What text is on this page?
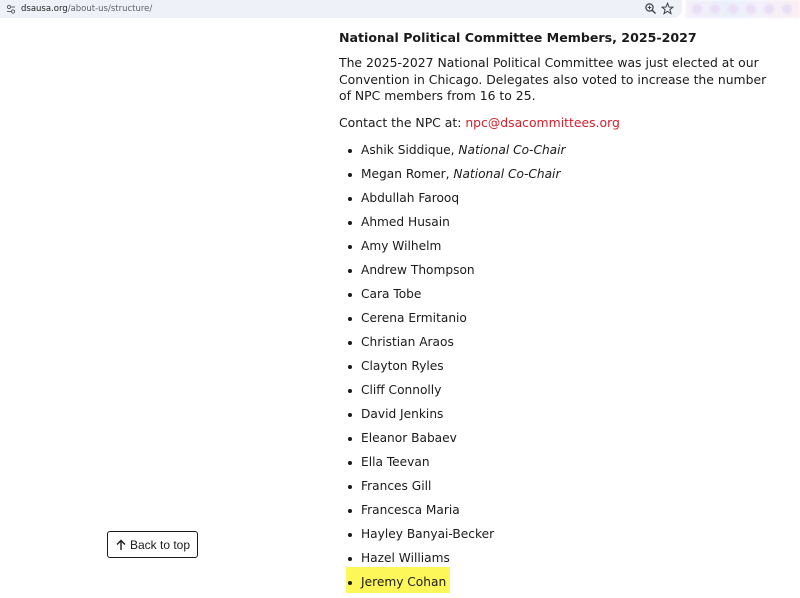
dsausa.org/about-us/structure/
National Political Committee Members, 2025-2027

The 2025-2027 National Political Committee was just elected at our Convention in Chicago. Delegates also voted to increase the number of NPC members from 16 to 25.

Contact the NPC at: npc@dsacommittees.org

Ashik Siddique, National Co-Chair
Megan Romer, National Co-Chair
Abdullah Farooq
Ahmed Husain
Amy Wilhelm
Andrew Thompson
Cara Tobe
Cerena Ermitanio
Christian Araos
Clayton Ryles
Cliff Connolly
David Jenkins
Eleanor Babaev
Ella Teevan
Frances Gill
Francesca Maria
Hayley Banyai-Becker
Hazel Williams
Jeremy Cohan
Back to top
